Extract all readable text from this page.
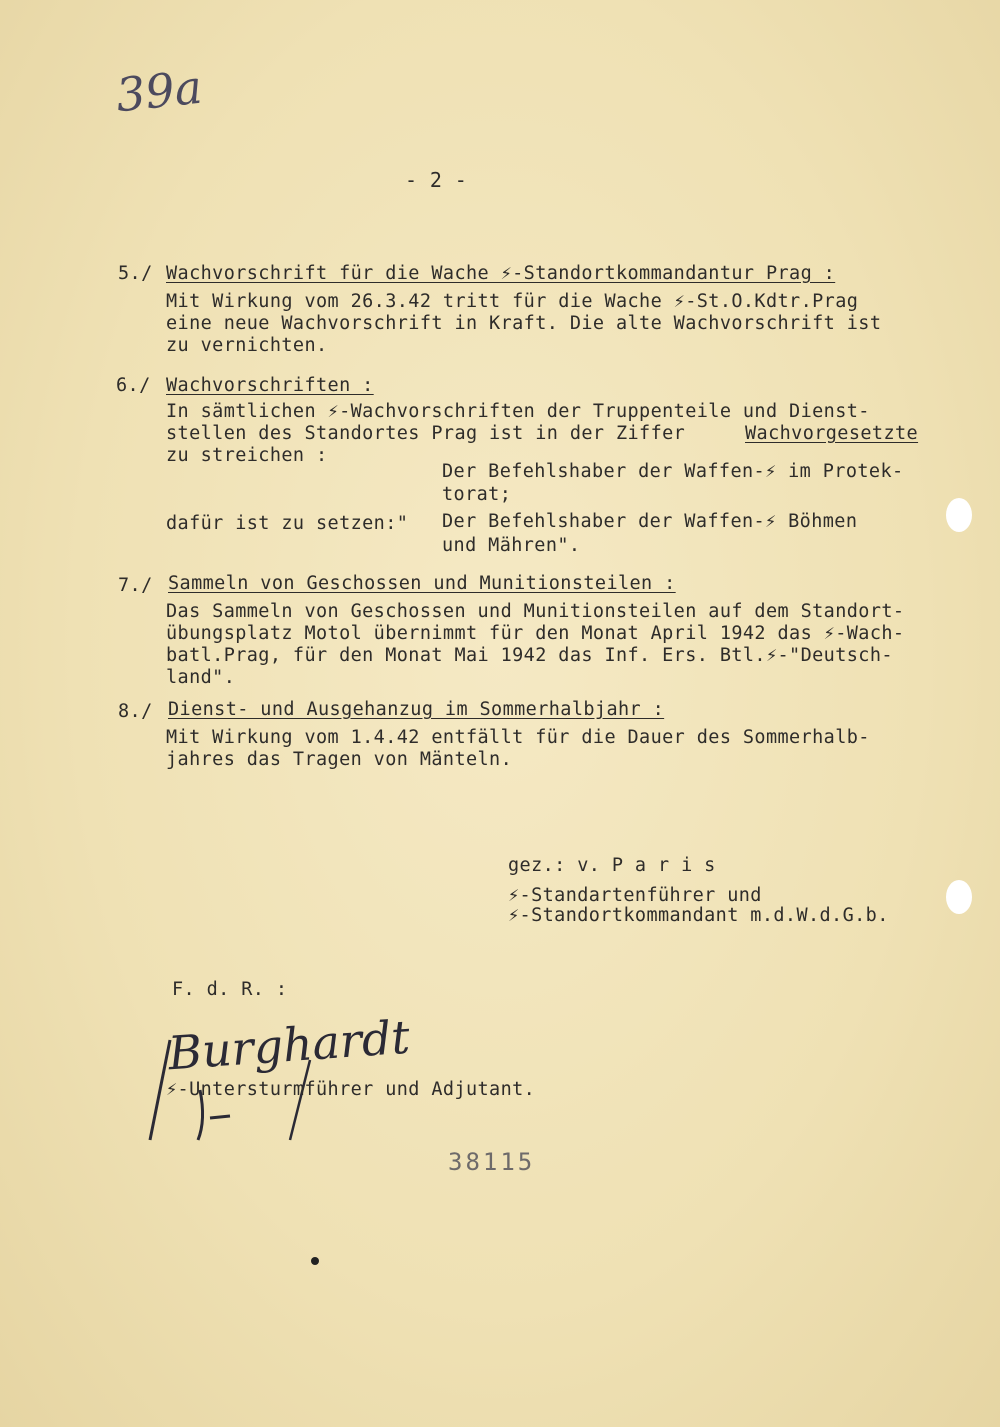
39a
- 2 -
5./ Wachvorschrift für die Wache ⚡-Standortkommandantur Prag :
Mit Wirkung vom 26.3.42 tritt für die Wache ⚡-St.O.Kdtr.Prag
eine neue Wachvorschrift in Kraft. Die alte Wachvorschrift ist
zu vernichten.
6./ Wachvorschriften :
In sämtlichen ⚡-Wachvorschriften der Truppenteile und Dienst-
stellen des Standortes Prag ist in der Ziffer	Wachvorgesetzte
zu streichen :
Der Befehlshaber der Waffen-⚡ im Protek-
torat;
dafür ist zu setzen:" Der Befehlshaber der Waffen-⚡ Böhmen
und Mähren".
7./ Sammeln von Geschossen und Munitionsteilen :
Das Sammeln von Geschossen und Munitionsteilen auf dem Standort-
übungsplatz Motol übernimmt für den Monat April 1942 das ⚡-Wach-
batl.Prag, für den Monat Mai 1942 das Inf. Ers. Btl.⚡-"Deutsch-
land".
8./ Dienst- und Ausgehanzug im Sommerhalbjahr :
Mit Wirkung vom 1.4.42 entfällt für die Dauer des Sommerhalb-
jahres das Tragen von Mänteln.
gez.: v. P a r i s
⚡-Standartenführer und
⚡-Standortkommandant m.d.W.d.G.b.
F. d. R. :
Burghardt
⚡-Untersturmführer und Adjutant.
38115
